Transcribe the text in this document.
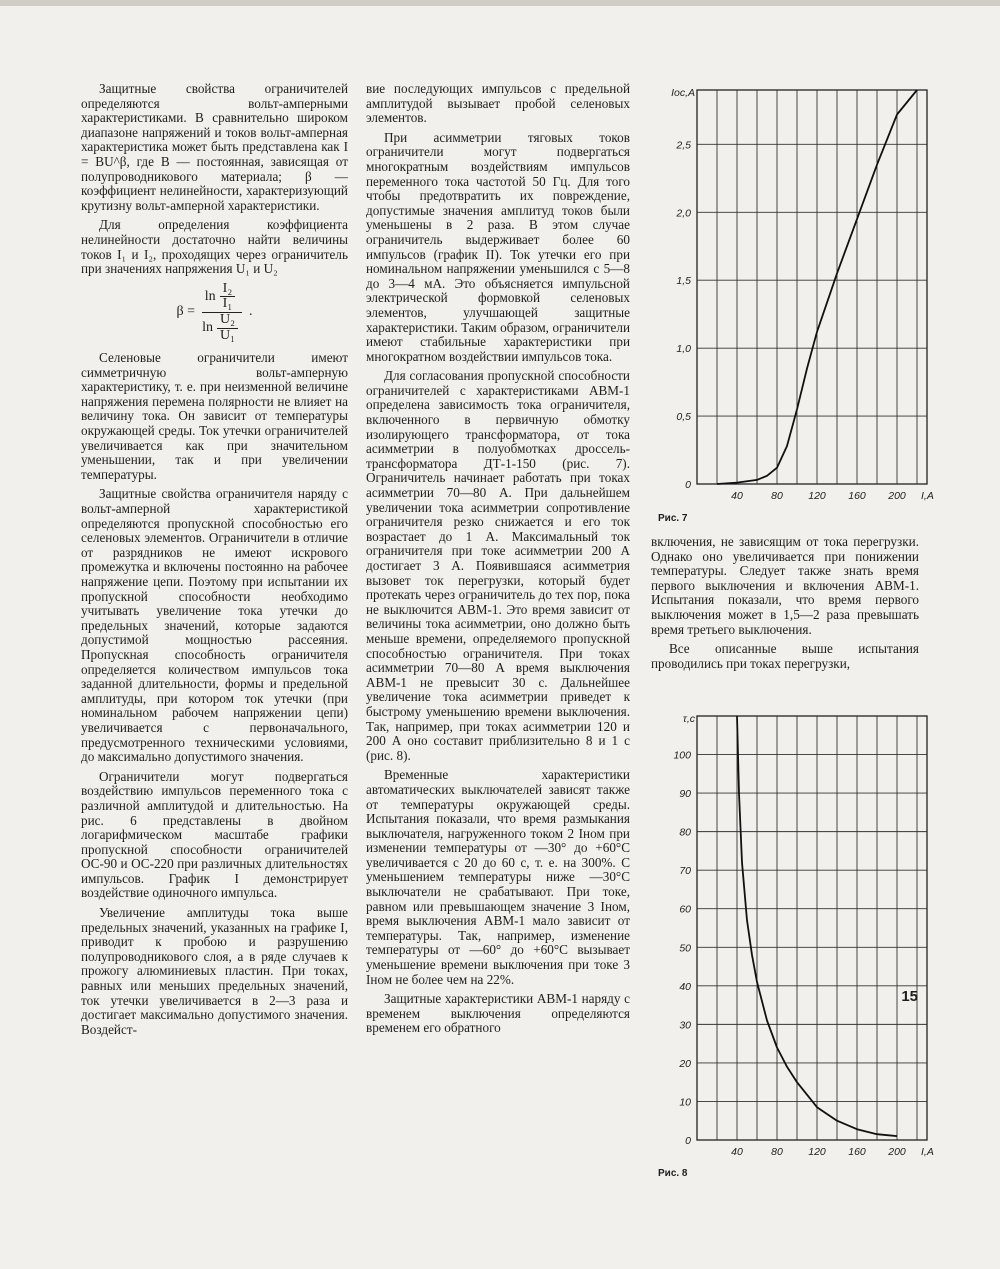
Защитные свойства ограничителей определяются вольт-амперными характеристиками. В сравнительно широком диапазоне напряжений и токов вольт-амперная характеристика может быть представлена как I = BU^β, где B — постоянная, зависящая от полупроводникового материала; β — коэффициент нелинейности, характеризующий крутизну вольт-амперной характеристики.

Для определения коэффициента нелинейности достаточно найти величины токов I₁ и I₂, проходящих через ограничитель при значениях напряжения U₁ и U₂

$\beta = \frac{\ln \frac{\text{I₂}}{\text{I₁}}}{\ln \frac{\text{U₂}}{\text{U₁}}}$ .

Селеновые ограничители имеют симметричную вольт-амперную характеристику, т. е. при неизменной величине напряжения перемена полярности не влияет на величину тока. Он зависит от температуры окружающей среды. Ток утечки ограничителей увеличивается как при значительном уменьшении, так и при увеличении температуры.

Защитные свойства ограничителя наряду с вольт-амперной характеристикой определяются пропускной способностью его селеновых элементов. Ограничители в отличие от разрядников не имеют искрового промежутка и включены постоянно на рабочее напряжение цепи. Поэтому при испытании их пропускной способности необходимо учитывать увеличение тока утечки до предельных значений, которые задаются допустимой мощностью рассеяния. Пропускная способность ограничителя определяется количеством импульсов тока заданной длительности, формы и предельной амплитуды, при котором ток утечки (при номинальном рабочем напряжении цепи) увеличивается с первоначального, предусмотренного техническими условиями, до максимально допустимого значения.

Ограничители могут подвергаться воздействию импульсов переменного тока с различной амплитудой и длительностью. На рис. 6 представлены в двойном логарифмическом масштабе графики пропускной способности ограничителей ОС-90 и ОС-220 при различных длительностях импульсов. График I демонстрирует воздействие одиночного импульса.

Увеличение амплитуды тока выше предельных значений, указанных на графике I, приводит к пробою и разрушению полупроводникового слоя, а в ряде случаев к прожогу алюминиевых пластин. При токах, равных или меньших предельных значений, ток утечки увеличивается в 2—3 раза и достигает максимально допустимого значения. Воздейст-

вие последующих импульсов с предельной амплитудой вызывает пробой селеновых элементов.

При асимметрии тяговых токов ограничители могут подвергаться многократным воздействиям импульсов переменного тока частотой 50 Гц. Для того чтобы предотвратить их повреждение, допустимые значения амплитуд токов были уменьшены в 2 раза. В этом случае ограничитель выдерживает более 60 импульсов (график II). Ток утечки его при номинальном напряжении уменьшился с 5—8 до 3—4 мА. Это объясняется импульсной электрической формовкой селеновых элементов, улучшающей защитные характеристики. Таким образом, ограничители имеют стабильные характеристики при многократном воздействии импульсов тока.

Для согласования пропускной способности ограничителей с характеристиками АВМ-1 определена зависимость тока ограничителя, включенного в первичную обмотку изолирующего трансформатора, от тока асимметрии в полуобмотках дроссель-трансформатора ДТ-1-150 (рис. 7). Ограничитель начинает работать при токах асимметрии 70—80 А. При дальнейшем увеличении тока асимметрии сопротивление ограничителя резко снижается и его ток возрастает до 1 А. Максимальный ток ограничителя при токе асимметрии 200 А достигает 3 А. Появившаяся асимметрия вызовет ток перегрузки, который будет протекать через ограничитель до тех пор, пока не выключится АВМ-1. Это время зависит от величины тока асимметрии, оно должно быть меньше времени, определяемого пропускной способностью ограничителя. При токах асимметрии 70—80 А время выключения АВМ-1 не превысит 30 с. Дальнейшее увеличение тока асимметрии приведет к быстрому уменьшению времени выключения. Так, например, при токах асимметрии 120 и 200 А оно составит приблизительно 8 и 1 с (рис. 8).

Временные характеристики автоматических выключателей зависят также от температуры окружающей среды. Испытания показали, что время размыкания выключателя, нагруженного током 2 Iном при изменении температуры от —30° до +60°С увеличивается с 20 до 60 с, т. е. на 300%. С уменьшением температуры ниже —30°С выключатели не срабатывают. При токе, равном или превышающем значение 3 Iном, время выключения АВМ-1 мало зависит от температуры. Так, например, изменение температуры от —60° до +60°С вызывает уменьшение времени выключения при токе 3 Iном не более чем на 22%.

Защитные характеристики АВМ-1 наряду с временем выключения определяются временем его обратного

40	80 120 160 200
0
0,5
1,0
1,5
2,0
2,5
Iос,А
I,A
Рис. 7

включения, не зависящим от тока перегрузки. Однако оно увеличивается при понижении температуры. Следует также знать время первого выключения и включения АВМ-1. Испытания показали, что время первого выключения может в 1,5—2 раза превышать время третьего выключения.

Все описанные выше испытания проводились при токах перегрузки,

40	80 120 160 200
0
10
20
30
40
50
60
70
80
90
100
τ,с
I,A
Рис. 8
15
